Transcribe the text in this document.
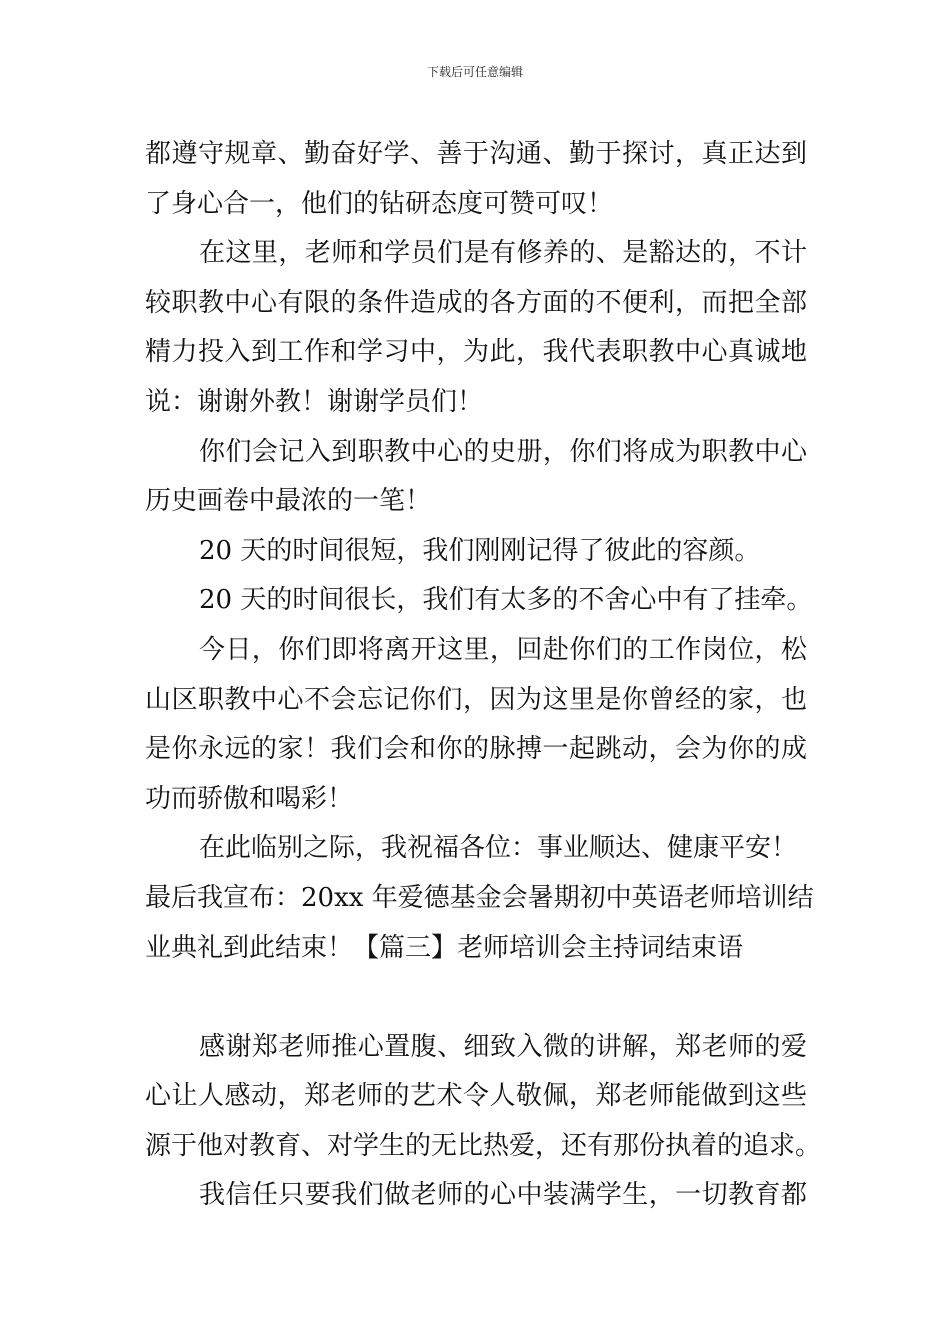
下载后可任意编辑
都遵守规章、勤奋好学、善于沟通、勤于探讨，真正达到
了身心合一，他们的钻研态度可赞可叹！
在这里，老师和学员们是有修养的、是豁达的，不计
较职教中心有限的条件造成的各方面的不便利，而把全部
精力投入到工作和学习中，为此，我代表职教中心真诚地
说：谢谢外教！谢谢学员们！
你们会记入到职教中心的史册，你们将成为职教中心
历史画卷中最浓的一笔！
20 天的时间很短，我们刚刚记得了彼此的容颜。
20 天的时间很长，我们有太多的不舍心中有了挂牵。
今日，你们即将离开这里，回赴你们的工作岗位，松
山区职教中心不会忘记你们，因为这里是你曾经的家，也
是你永远的家！我们会和你的脉搏一起跳动，会为你的成
功而骄傲和喝彩！
在此临别之际，我祝福各位：事业顺达、健康平安！
最后我宣布：20xx 年爱德基金会暑期初中英语老师培训结
业典礼到此结束！【篇三】老师培训会主持词结束语
感谢郑老师推心置腹、细致入微的讲解，郑老师的爱
心让人感动，郑老师的艺术令人敬佩，郑老师能做到这些
源于他对教育、对学生的无比热爱，还有那份执着的追求。
我信任只要我们做老师的心中装满学生，一切教育都
